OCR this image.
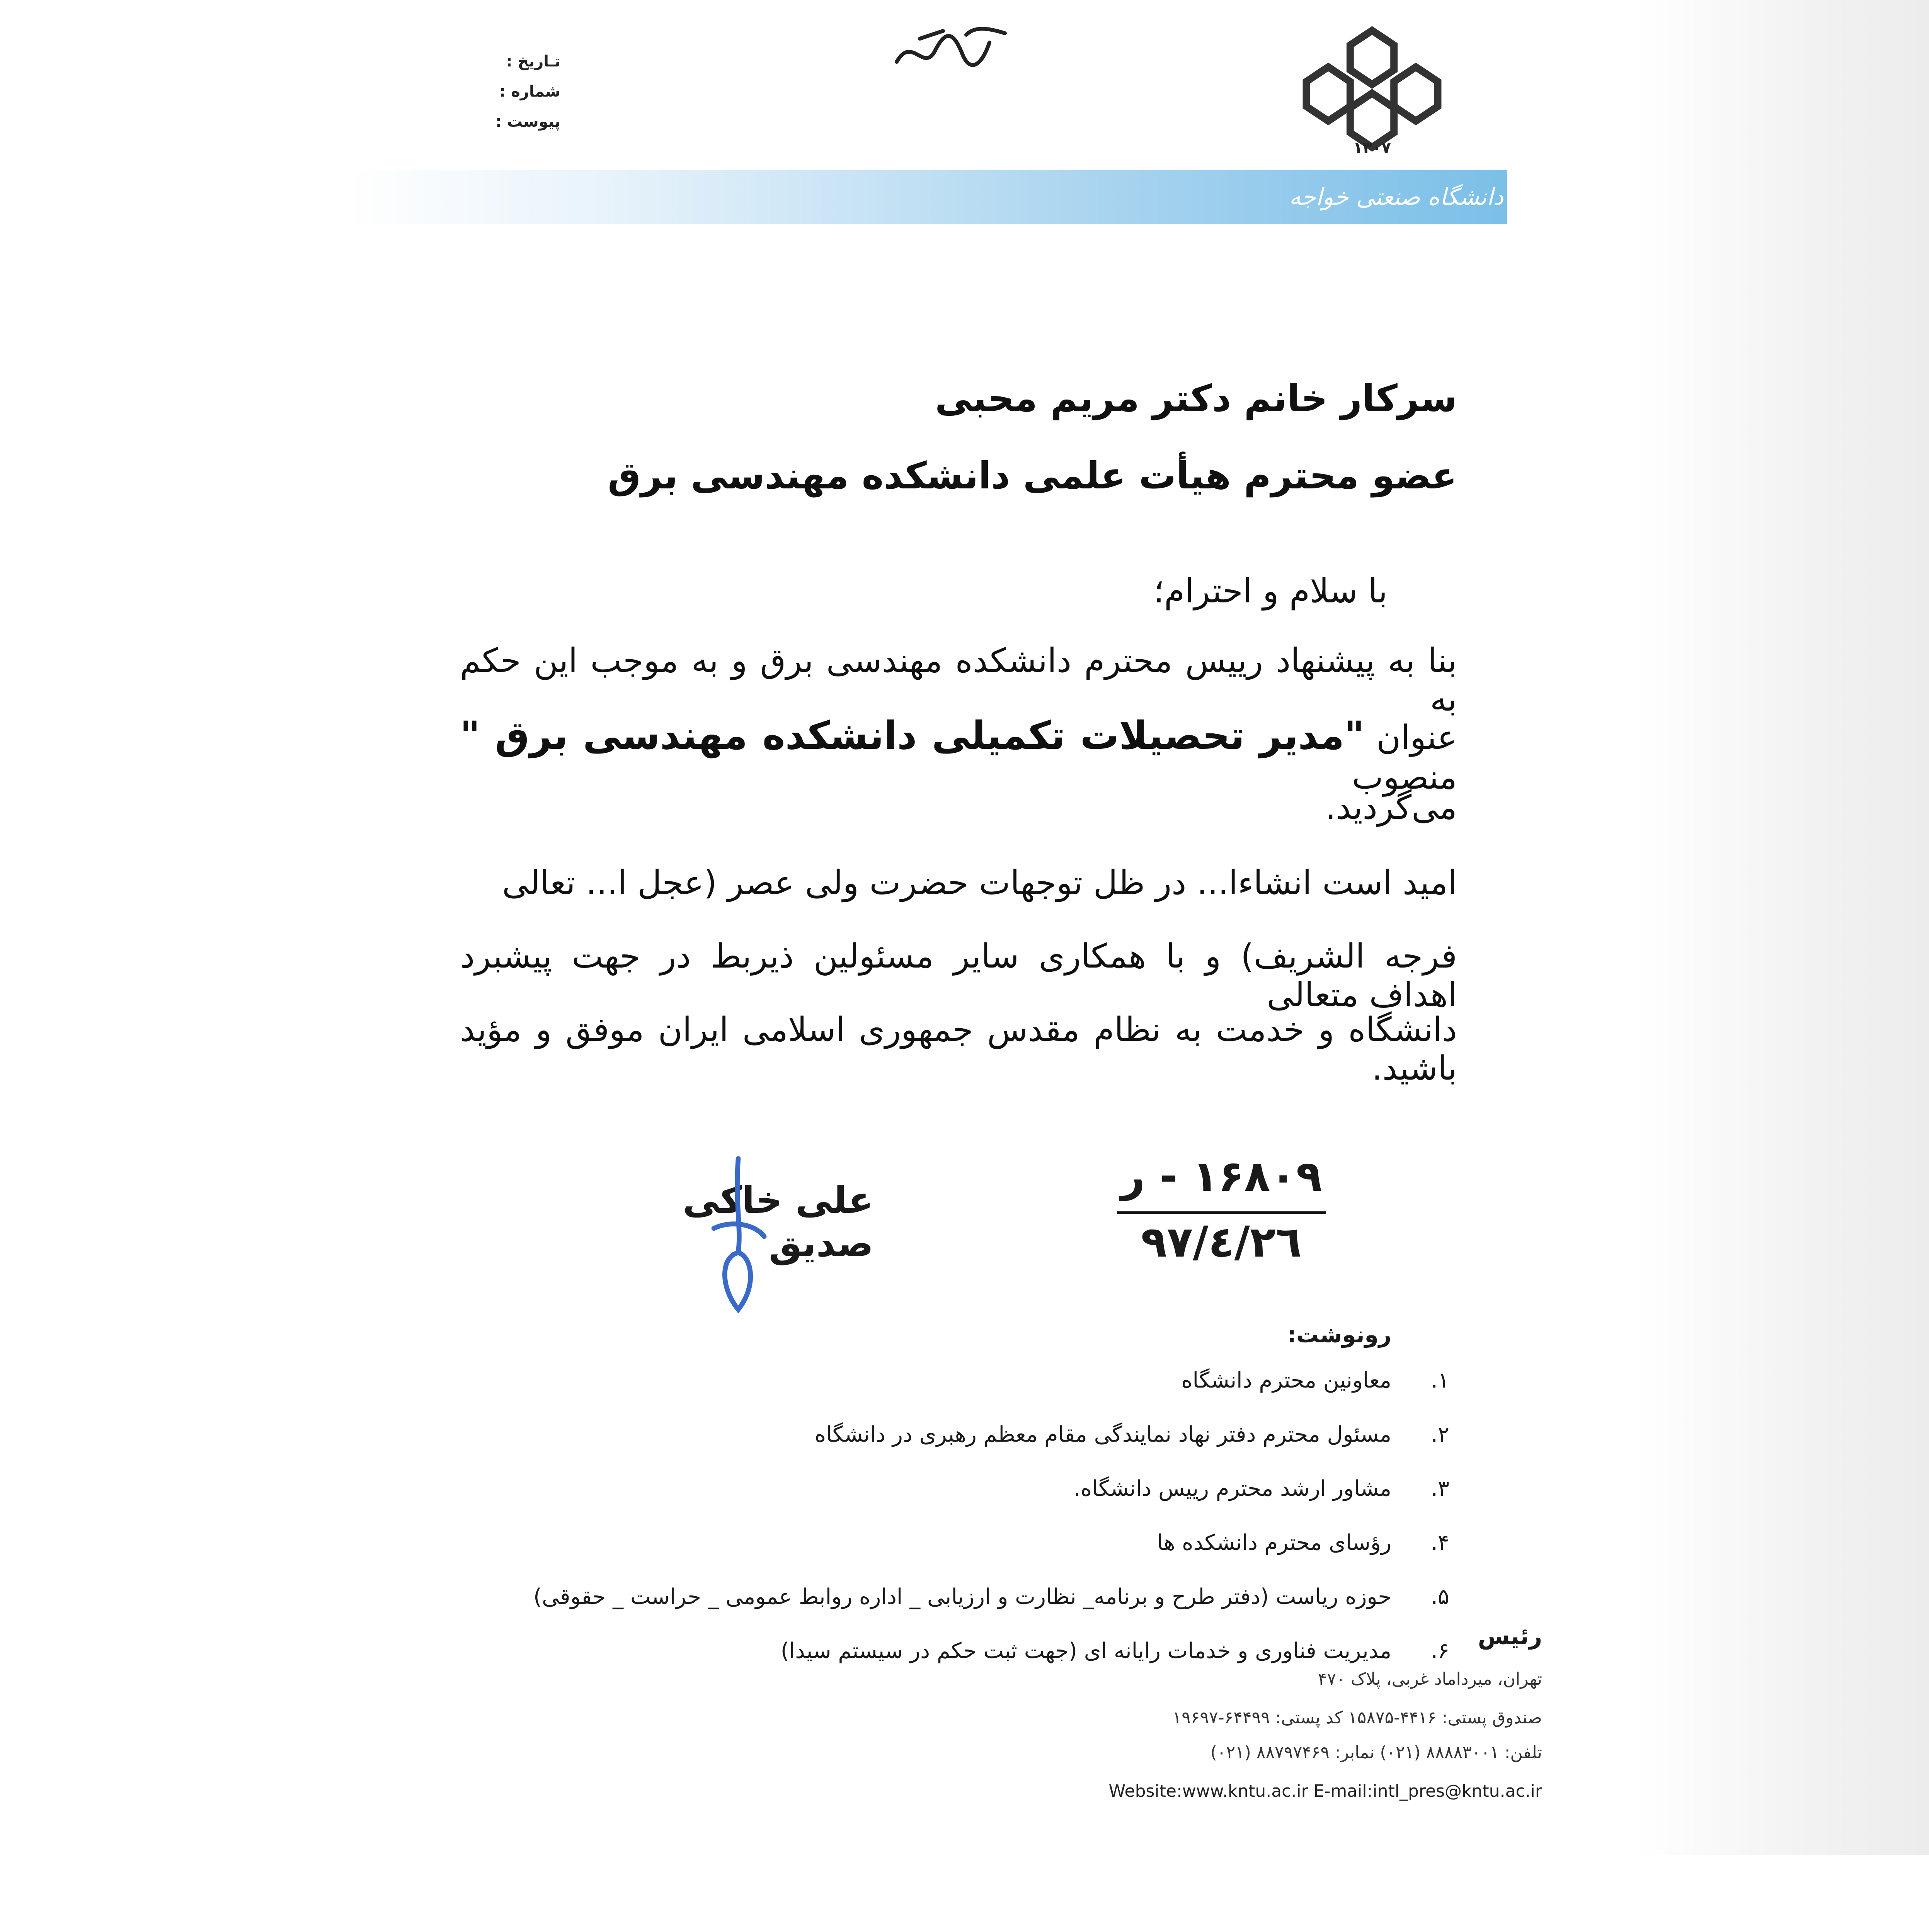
۱۳۰۷
تـاریخ :
شماره :
پیوست :
دانشگاه صنعتی خواجه نصیرالدین طوسی
سرکار خانم دکتر مریم محبی
عضو محترم هیأت علمی دانشکده مهندسی برق
با سلام و احترام؛
بنا به پیشنهاد رییس محترم دانشکده مهندسی برق و به موجب این حکم به
عنوان "مدیر تحصیلات تکمیلی دانشکده مهندسی برق " منصوب
می‌گردید.
امید است انشاءا... در ظل توجهات حضرت ولی عصر (عجل ا... تعالی
فرجه الشریف) و با همکاری سایر مسئولین ذیربط در جهت پیشبرد اهداف متعالی
دانشگاه و خدمت به نظام مقدس جمهوری اسلامی ایران موفق و مؤید باشید.
۱۶۸۰۹ - ر
۹۷/٤/۲٦
علی خاکی صدیق
رونوشت:
۱.
معاونین محترم دانشگاه
۲.
مسئول محترم دفتر نهاد نمایندگی مقام معظم رهبری در دانشگاه
۳.
مشاور ارشد محترم رییس دانشگاه.
۴.
رؤسای محترم دانشکده ها
۵.
حوزه ریاست (دفتر طرح و برنامه_ نظارت و ارزیابی _ اداره روابط عمومی _ حراست _ حقوقی)
۶.
مدیریت فناوری و خدمات رایانه ای (جهت ثبت حکم در سیستم سیدا)
رئیس
تهران، میرداماد غربی، پلاک ۴۷۰
صندوق پستی: ۴۴۱۶-۱۵۸۷۵ کد پستی: ۶۴۴۹۹-۱۹۶۹۷
تلفن: ۸۸۸۸۳۰۰۱ (۰۲۱) نمابر: ۸۸۷۹۷۴۶۹ (۰۲۱)
Website:www.kntu.ac.ir E-mail:intl_pres@kntu.ac.ir
